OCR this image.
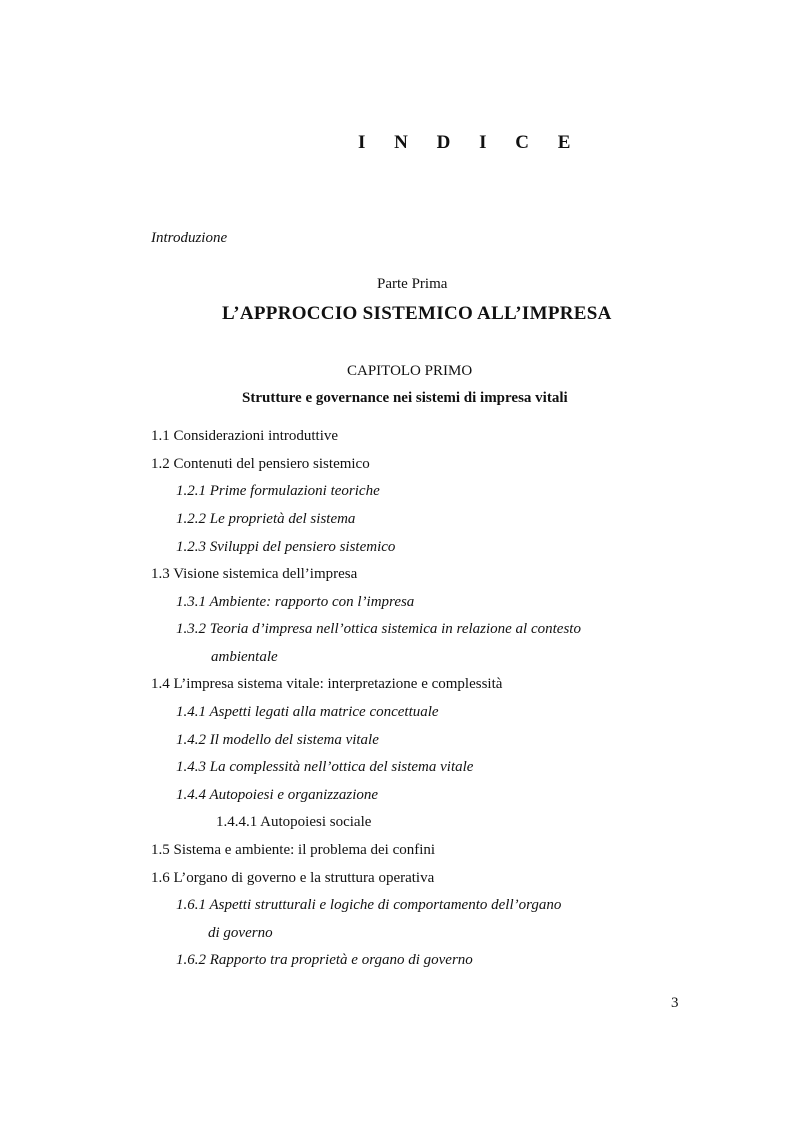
I N D I C E
Introduzione
Parte Prima
L’APPROCCIO SISTEMICO ALL’IMPRESA
CAPITOLO PRIMO
Strutture e governance nei sistemi di impresa vitali
1.1 Considerazioni introduttive
1.2 Contenuti del pensiero sistemico
1.2.1 Prime formulazioni teoriche
1.2.2 Le proprietà del sistema
1.2.3 Sviluppi del pensiero sistemico
1.3 Visione sistemica dell’impresa
1.3.1 Ambiente: rapporto con l’impresa
1.3.2 Teoria d’impresa nell’ottica sistemica in relazione al contesto
ambientale
1.4 L’impresa sistema vitale: interpretazione e complessità
1.4.1 Aspetti legati alla matrice concettuale
1.4.2 Il modello del sistema vitale
1.4.3 La complessità nell’ottica del sistema vitale
1.4.4 Autopoiesi e organizzazione
1.4.4.1 Autopoiesi sociale
1.5 Sistema e ambiente: il problema dei confini
1.6 L’organo di governo e la struttura operativa
1.6.1 Aspetti strutturali e logiche di comportamento dell’organo
di governo
1.6.2 Rapporto tra proprietà e organo di governo
3
